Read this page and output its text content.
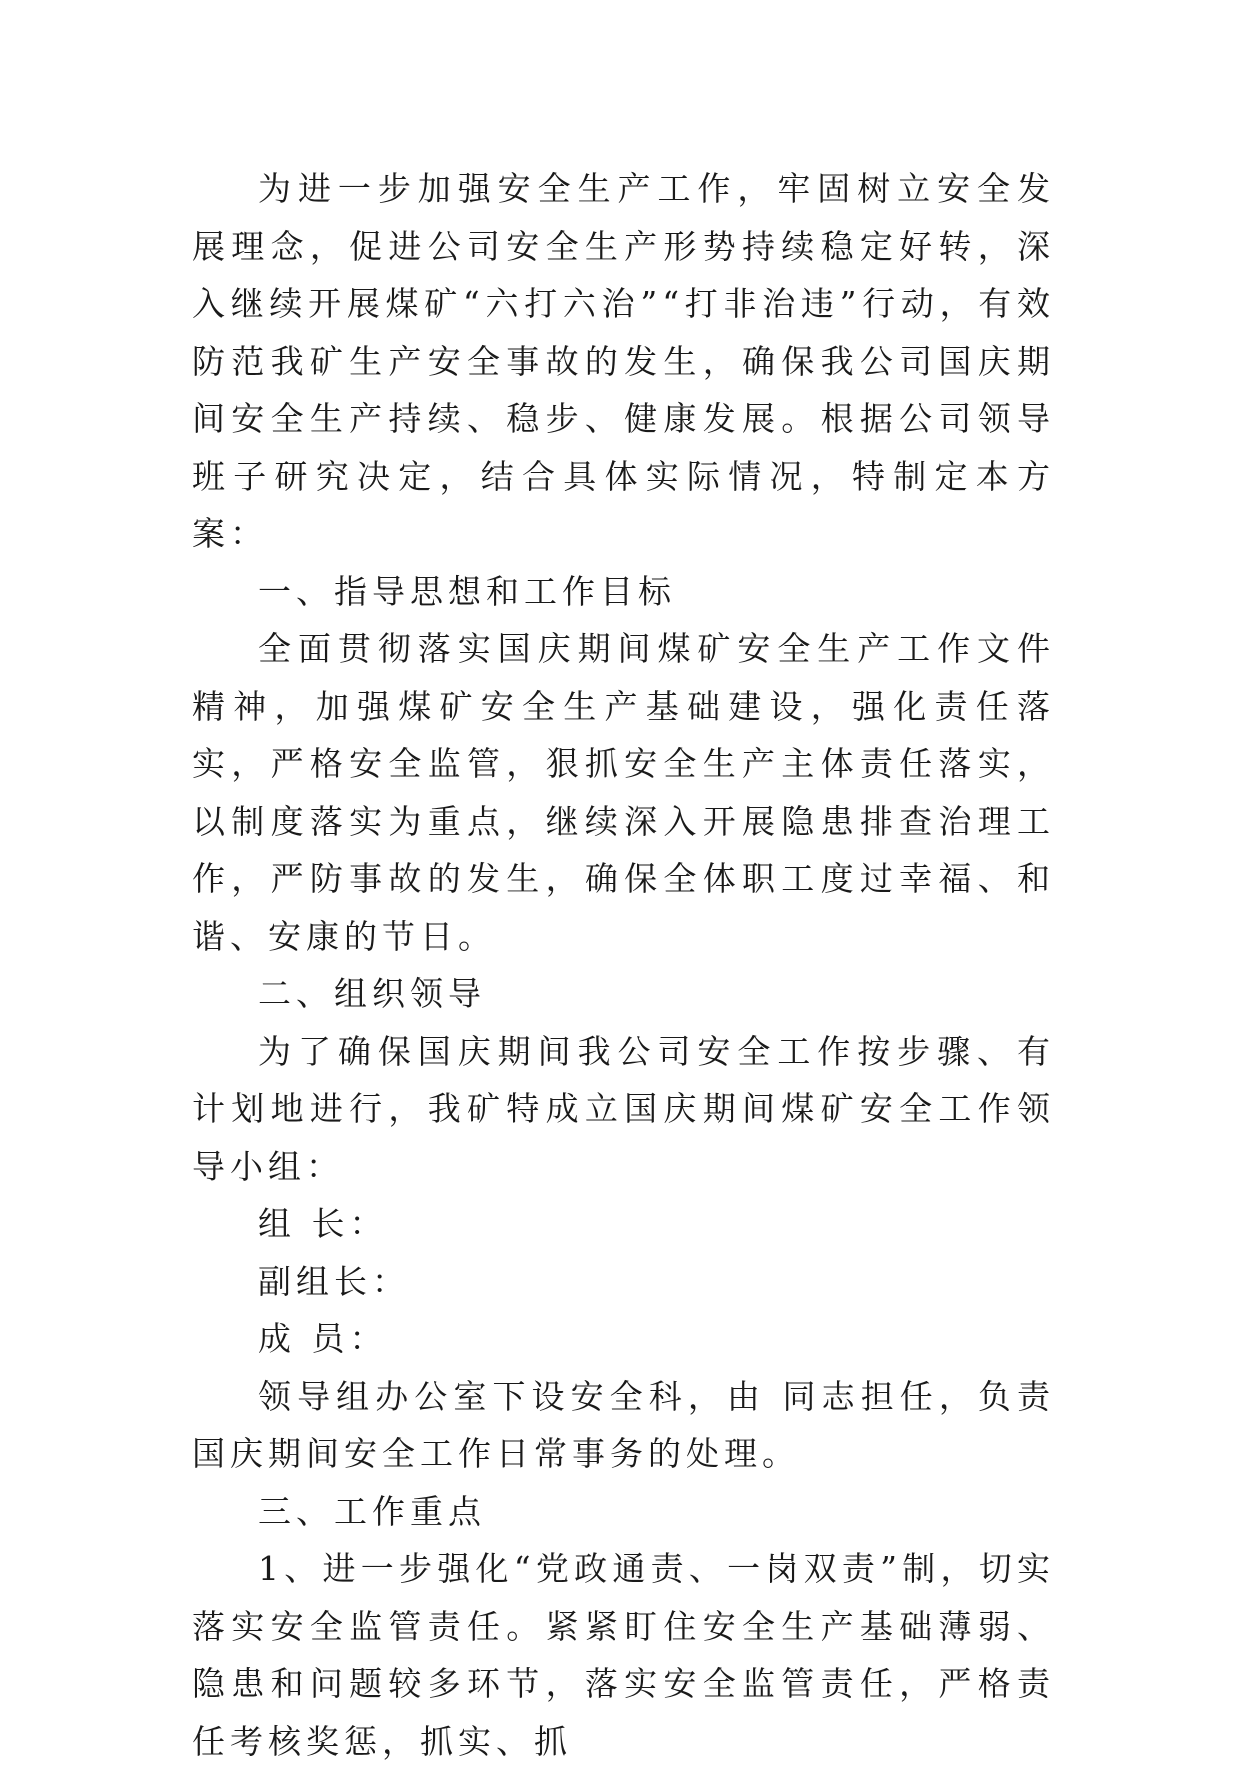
为进一步加强安全生产工作，牢固树立安全发展理念，促进公司安全生产形势持续稳定好转，深入继续开展煤矿“六打六治”“打非治违”行动，有效防范我矿生产安全事故的发生，确保我公司国庆期间安全生产持续、稳步、健康发展。根据公司领导班子研究决定，结合具体实际情况，特制定本方案：

一、指导思想和工作目标

全面贯彻落实国庆期间煤矿安全生产工作文件精神，加强煤矿安全生产基础建设，强化责任落实，严格安全监管，狠抓安全生产主体责任落实，以制度落实为重点，继续深入开展隐患排查治理工作，严防事故的发生，确保全体职工度过幸福、和谐、安康的节日。

二、组织领导

为了确保国庆期间我公司安全工作按步骤、有计划地进行，我矿特成立国庆期间煤矿安全工作领导小组：

组 长：

副组长：

成 员：

领导组办公室下设安全科，由 同志担任，负责国庆期间安全工作日常事务的处理。

三、工作重点

1、进一步强化“党政通责、一岗双责”制，切实落实安全监管责任。紧紧盯住安全生产基础薄弱、隐患和问题较多环节，落实安全监管责任，严格责任考核奖惩，抓实、抓
